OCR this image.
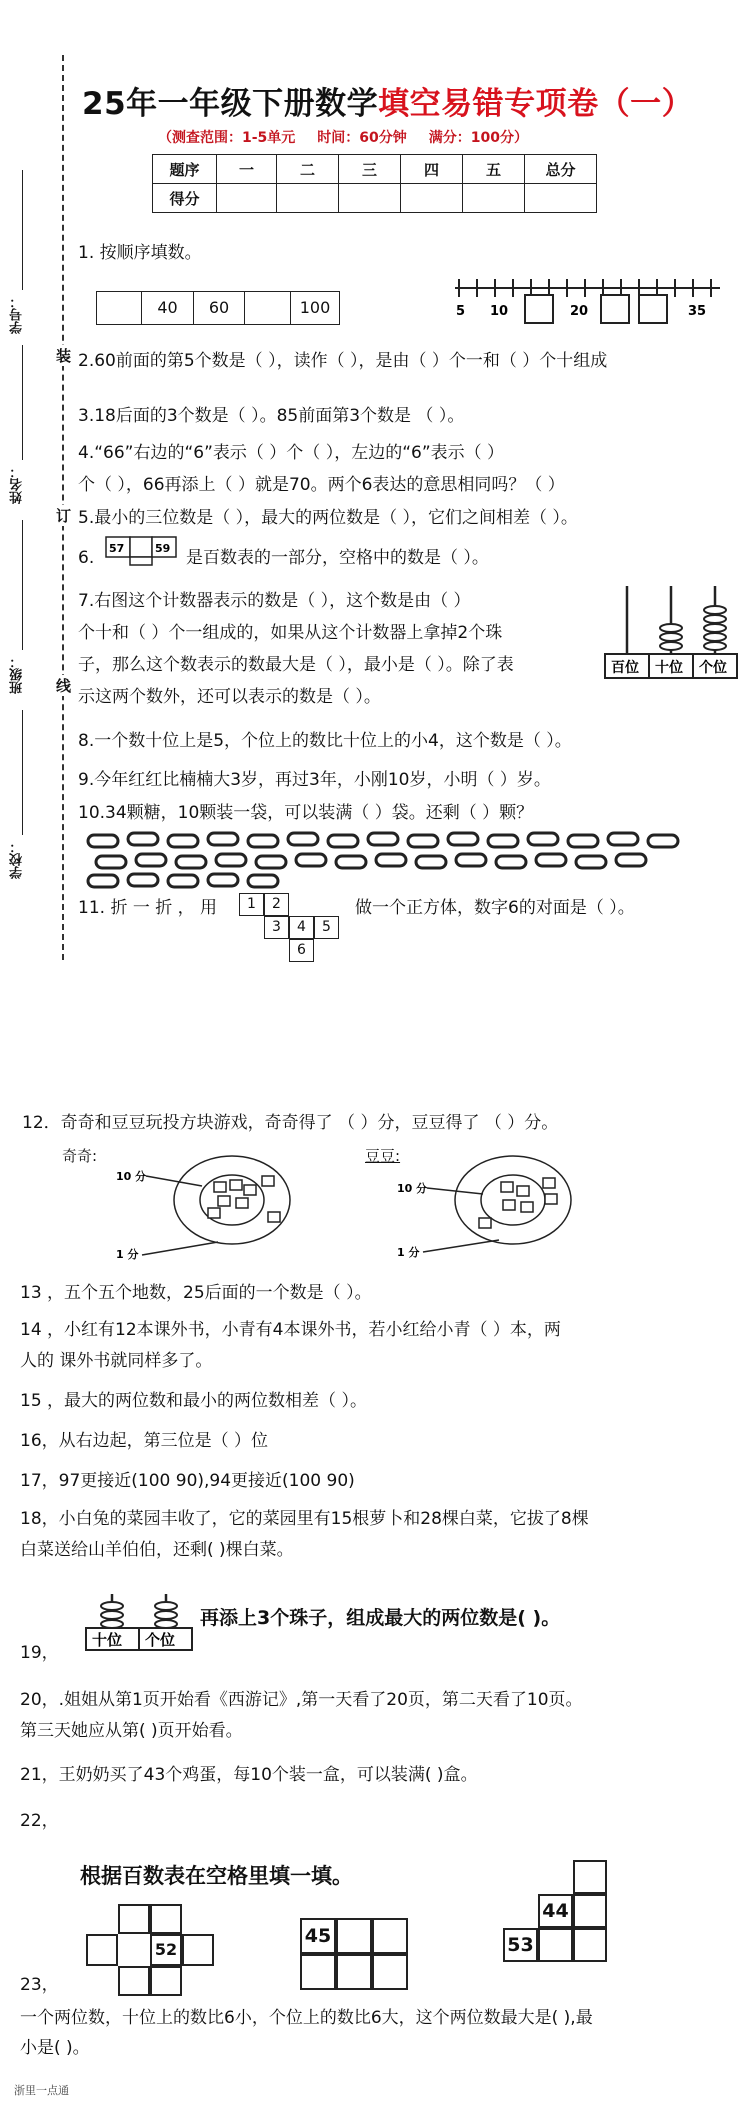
学号：
姓名：
班级：
学校：
装
订
线
25年一年级下册数学填空易错专项卷（一）
（测查范围：1-5单元 时间：60分钟 满分：100分）
题序	一	二	三	四	五	总分
得分						
1. 按顺序填数。
40	60	100	5 10	20	35
2.60前面的第5个数是（ ），读作（ ），是由（ ）个一和（ ）个十组成
3.18后面的3个数是（ ）。85前面第3个数是 （ ）。
4.“66”右边的“6”表示（ ）个（ ），左边的“6”表示（ ）
个（ ），66再添上（ ）就是70。两个6表达的意思相同吗？（ ）
5.最小的三位数是（ ），最大的两位数是（ ），它们之间相差（ ）。
6. 57	59 是百数表的一部分，空格中的数是（ ）。
7.右图这个计数器表示的数是（ ），这个数是由（ ）
个十和（ ）个一组成的，如果从这个计数器上拿掉2个珠
子，那么这个数表示的数最大是（ ），最小是（ ）。除了表
示这两个数外，还可以表示的数是（ ）。
百位 十位 个位
8.一个数十位上是5，个位上的数比十位上的小4，这个数是（ ）。
9.今年红红比楠楠大3岁，再过3年，小刚10岁，小明（ ）岁。
10.34颗糖，10颗装一袋，可以装满（ ）袋。还剩（ ）颗？
11. 折 一 折 ， 用	1	2
3	4	5
6
做一个正方体，数字6的对面是（ ）。
12．奇奇和豆豆玩投方块游戏，奇奇得了 （ ）分，豆豆得了 （ ）分。
奇奇:
10 分
1 分
豆豆:
10 分
1 分
13 ，五个五个地数，25后面的一个数是（ ）。
14 ，小红有12本课外书，小青有4本课外书，若小红给小青（ ）本，两
人的 课外书就同样多了。
15 ，最大的两位数和最小的两位数相差（ ）。
16，从右边起，第三位是（ ）位
17，97更接近(100 90),94更接近(100 90)
18，小白兔的菜园丰收了，它的菜园里有15根萝卜和28棵白菜，它拔了8棵
白菜送给山羊伯伯，还剩( )棵白菜。
十位 个位
再添上3个珠子，组成最大的两位数是( )。
19，
20，.姐姐从第1页开始看《西游记》,第一天看了20页，第二天看了10页。
第三天她应从第( )页开始看。
21，王奶奶买了43个鸡蛋，每10个装一盒，可以装满( )盒。
22，
根据百数表在空格里填一填。
52
45
44
53
23，
一个两位数，十位上的数比6小，个位上的数比6大，这个两位数最大是( ),最
小是( )。
浙里一点通
